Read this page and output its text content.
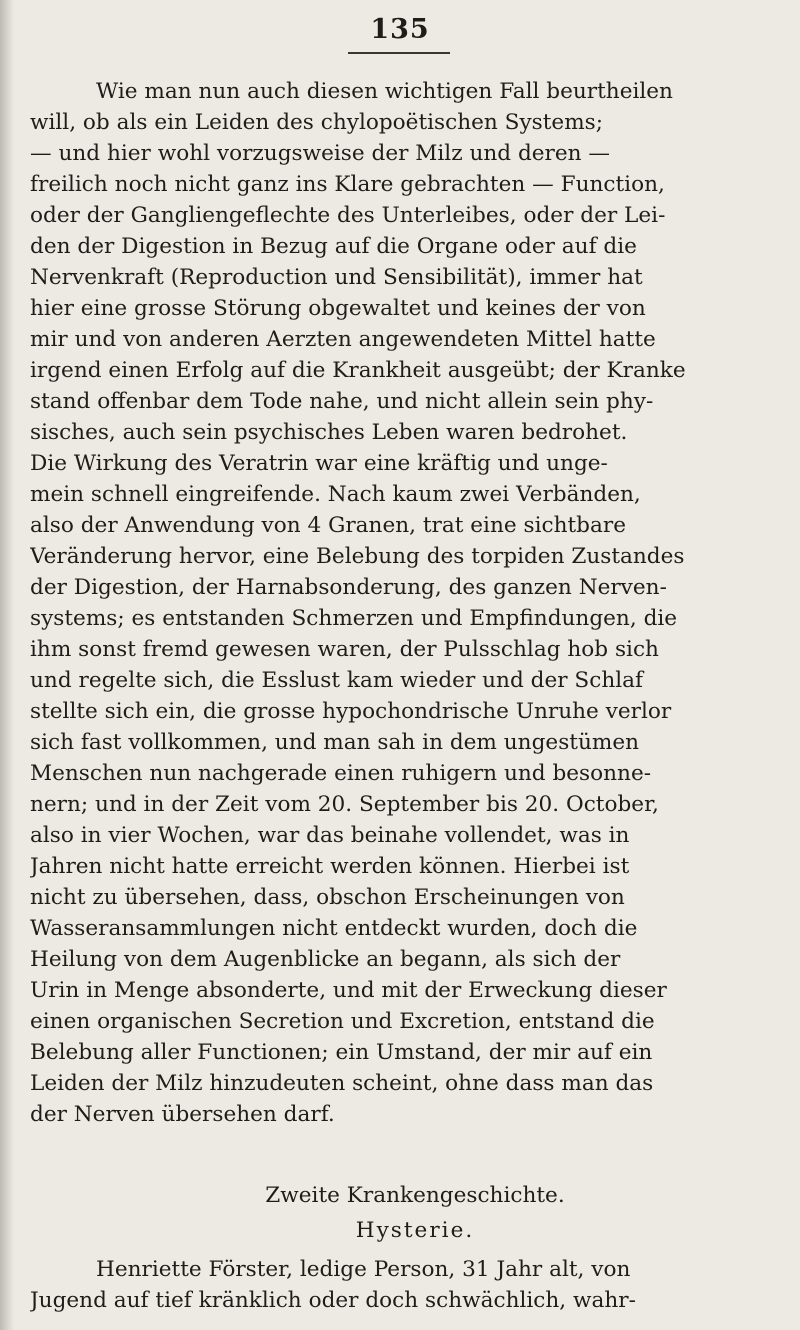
135
Wie man nun auch diesen wichtigen Fall beurtheilen
will, ob als ein Leiden des chylopoëtischen Systems;
— und hier wohl vorzugsweise der Milz und deren —
freilich noch nicht ganz ins Klare gebrachten — Function,
oder der Gangliengeflechte des Unterleibes, oder der Lei-
den der Digestion in Bezug auf die Organe oder auf die
Nervenkraft (Reproduction und Sensibilität), immer hat
hier eine grosse Störung obgewaltet und keines der von
mir und von anderen Aerzten angewendeten Mittel hatte
irgend einen Erfolg auf die Krankheit ausgeübt; der Kranke
stand offenbar dem Tode nahe, und nicht allein sein phy-
sisches, auch sein psychisches Leben waren bedrohet.
Die Wirkung des Veratrin war eine kräftig und unge-
mein schnell eingreifende. Nach kaum zwei Verbänden,
also der Anwendung von 4 Granen, trat eine sichtbare
Veränderung hervor, eine Belebung des torpiden Zustandes
der Digestion, der Harnabsonderung, des ganzen Nerven-
systems; es entstanden Schmerzen und Empfindungen, die
ihm sonst fremd gewesen waren, der Pulsschlag hob sich
und regelte sich, die Esslust kam wieder und der Schlaf
stellte sich ein, die grosse hypochondrische Unruhe verlor
sich fast vollkommen, und man sah in dem ungestümen
Menschen nun nachgerade einen ruhigern und besonne-
nern; und in der Zeit vom 20. September bis 20. October,
also in vier Wochen, war das beinahe vollendet, was in
Jahren nicht hatte erreicht werden können. Hierbei ist
nicht zu übersehen, dass, obschon Erscheinungen von
Wasseransammlungen nicht entdeckt wurden, doch die
Heilung von dem Augenblicke an begann, als sich der
Urin in Menge absonderte, und mit der Erweckung dieser
einen organischen Secretion und Excretion, entstand die
Belebung aller Functionen; ein Umstand, der mir auf ein
Leiden der Milz hinzudeuten scheint, ohne dass man das
der Nerven übersehen darf.
Zweite Krankengeschichte.
Hysterie.
Henriette Förster, ledige Person, 31 Jahr alt, von
Jugend auf tief kränklich oder doch schwächlich, wahr-
